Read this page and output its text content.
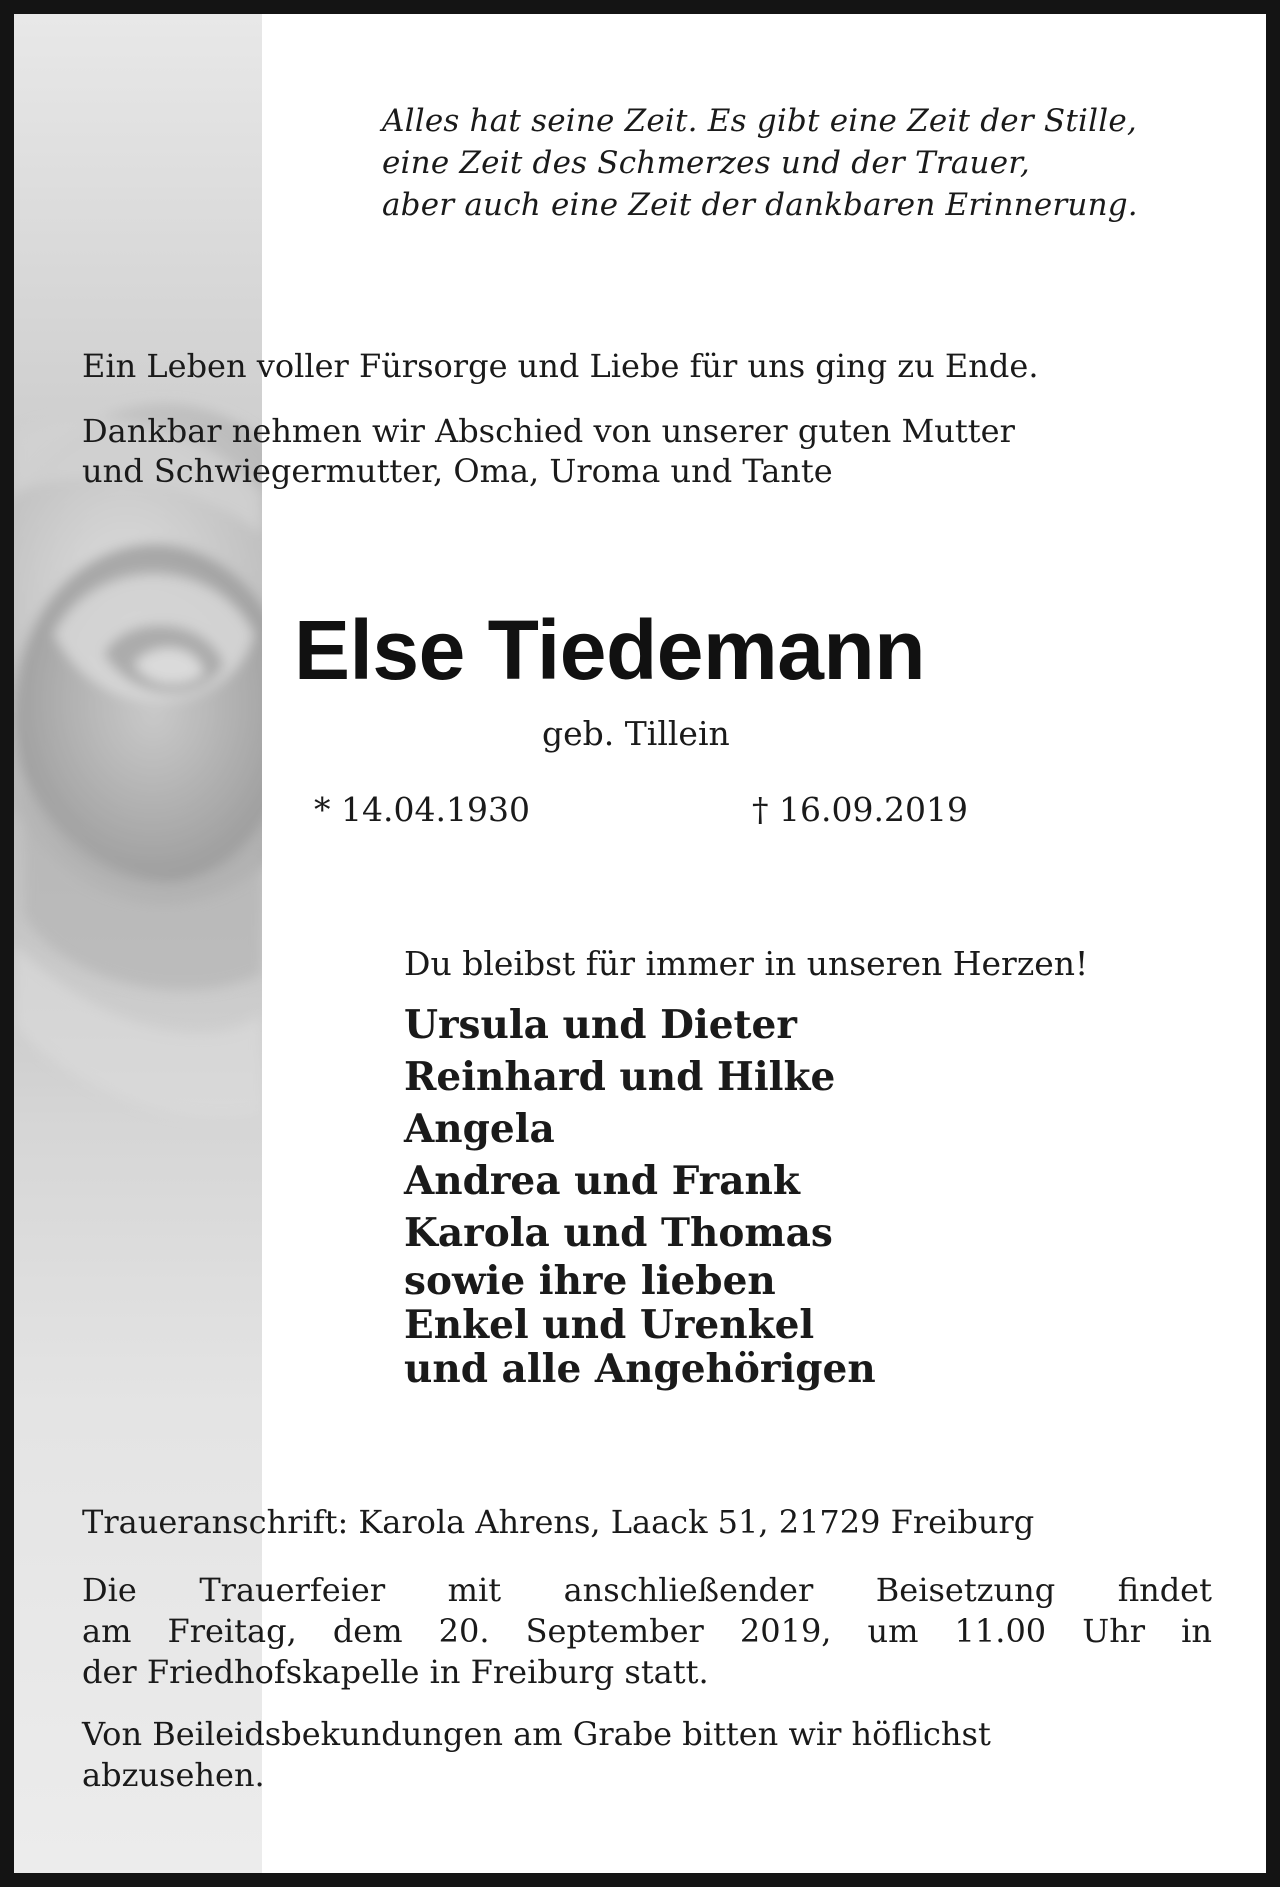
Alles hat seine Zeit. Es gibt eine Zeit der Stille,
eine Zeit des Schmerzes und der Trauer,
aber auch eine Zeit der dankbaren Erinnerung.
Ein Leben voller Fürsorge und Liebe für uns ging zu Ende.
Dankbar nehmen wir Abschied von unserer guten Mutter
und Schwiegermutter, Oma, Uroma und Tante
Else Tiedemann
geb. Tillein
* 14.04.1930	† 16.09.2019
Du bleibst für immer in unseren Herzen!
Ursula und Dieter
Reinhard und Hilke
Angela
Andrea und Frank
Karola und Thomas
sowie ihre lieben
Enkel und Urenkel
und alle Angehörigen
Traueranschrift: Karola Ahrens, Laack 51, 21729 Freiburg
Die Trauerfeier mit anschließender Beisetzung findet
am Freitag, dem 20. September 2019, um 11.00 Uhr in
der Friedhofskapelle in Freiburg statt.
Von Beileidsbekundungen am Grabe bitten wir höflichst
abzusehen.
